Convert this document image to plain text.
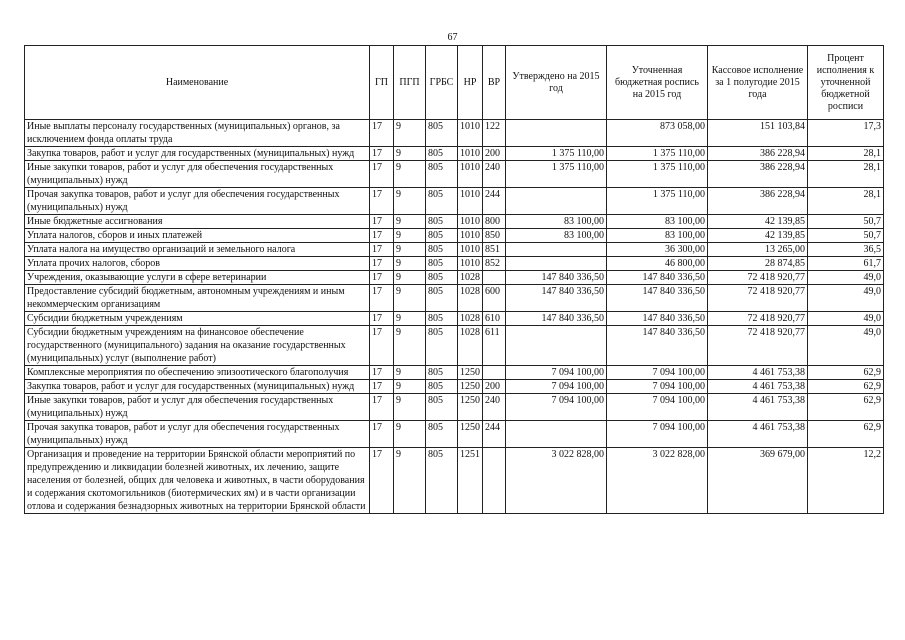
67
Наименование	ГП	ПГП	ГРБС	НР	ВР	Утверждено на 2015 год	Уточненная бюджетная роспись на 2015 год	Кассовое исполнение за 1 полугодие 2015 года	Процент исполнения к уточненной бюджетной росписи
Иные выплаты персоналу государственных (муниципальных) органов, за исключением фонда оплаты труда	17	9	805	1010	122		873 058,00	151 103,84	17,3
Закупка товаров, работ и услуг для государственных (муниципальных) нужд	17	9	805	1010	200	1 375 110,00	1 375 110,00	386 228,94	28,1
Иные закупки товаров, работ и услуг для обеспечения государственных (муниципальных) нужд	17	9	805	1010	240	1 375 110,00	1 375 110,00	386 228,94	28,1
Прочая закупка товаров, работ и услуг для обеспечения государственных (муниципальных) нужд	17	9	805	1010	244		1 375 110,00	386 228,94	28,1
Иные бюджетные ассигнования	17	9	805	1010	800	83 100,00	83 100,00	42 139,85	50,7
Уплата налогов, сборов и иных платежей	17	9	805	1010	850	83 100,00	83 100,00	42 139,85	50,7
Уплата налога на имущество организаций и земельного налога	17	9	805	1010	851		36 300,00	13 265,00	36,5
Уплата прочих налогов, сборов	17	9	805	1010	852		46 800,00	28 874,85	61,7
Учреждения, оказывающие услуги в сфере ветеринарии	17	9	805	1028		147 840 336,50	147 840 336,50	72 418 920,77	49,0
Предоставление субсидий бюджетным, автономным учреждениям и иным некоммерческим организациям	17	9	805	1028	600	147 840 336,50	147 840 336,50	72 418 920,77	49,0
Субсидии бюджетным учреждениям	17	9	805	1028	610	147 840 336,50	147 840 336,50	72 418 920,77	49,0
Субсидии бюджетным учреждениям на финансовое обеспечение государственного (муниципального) задания на оказание государственных (муниципальных) услуг (выполнение работ)	17	9	805	1028	611		147 840 336,50	72 418 920,77	49,0
Комплексные мероприятия по обеспечению эпизоотического благополучия	17	9	805	1250		7 094 100,00	7 094 100,00	4 461 753,38	62,9
Закупка товаров, работ и услуг для государственных (муниципальных) нужд	17	9	805	1250	200	7 094 100,00	7 094 100,00	4 461 753,38	62,9
Иные закупки товаров, работ и услуг для обеспечения государственных (муниципальных) нужд	17	9	805	1250	240	7 094 100,00	7 094 100,00	4 461 753,38	62,9
Прочая закупка товаров, работ и услуг для обеспечения государственных (муниципальных) нужд	17	9	805	1250	244		7 094 100,00	4 461 753,38	62,9
Организация и проведение на территории Брянской области мероприятий по предупреждению и ликвидации болезней животных, их лечению, защите населения от болезней, общих для человека и животных, в части оборудования и содержания скотомогильников (биотермических ям) и в части организации отлова и содержания безнадзорных животных на территории Брянской области	17	9	805	1251		3 022 828,00	3 022 828,00	369 679,00	12,2
